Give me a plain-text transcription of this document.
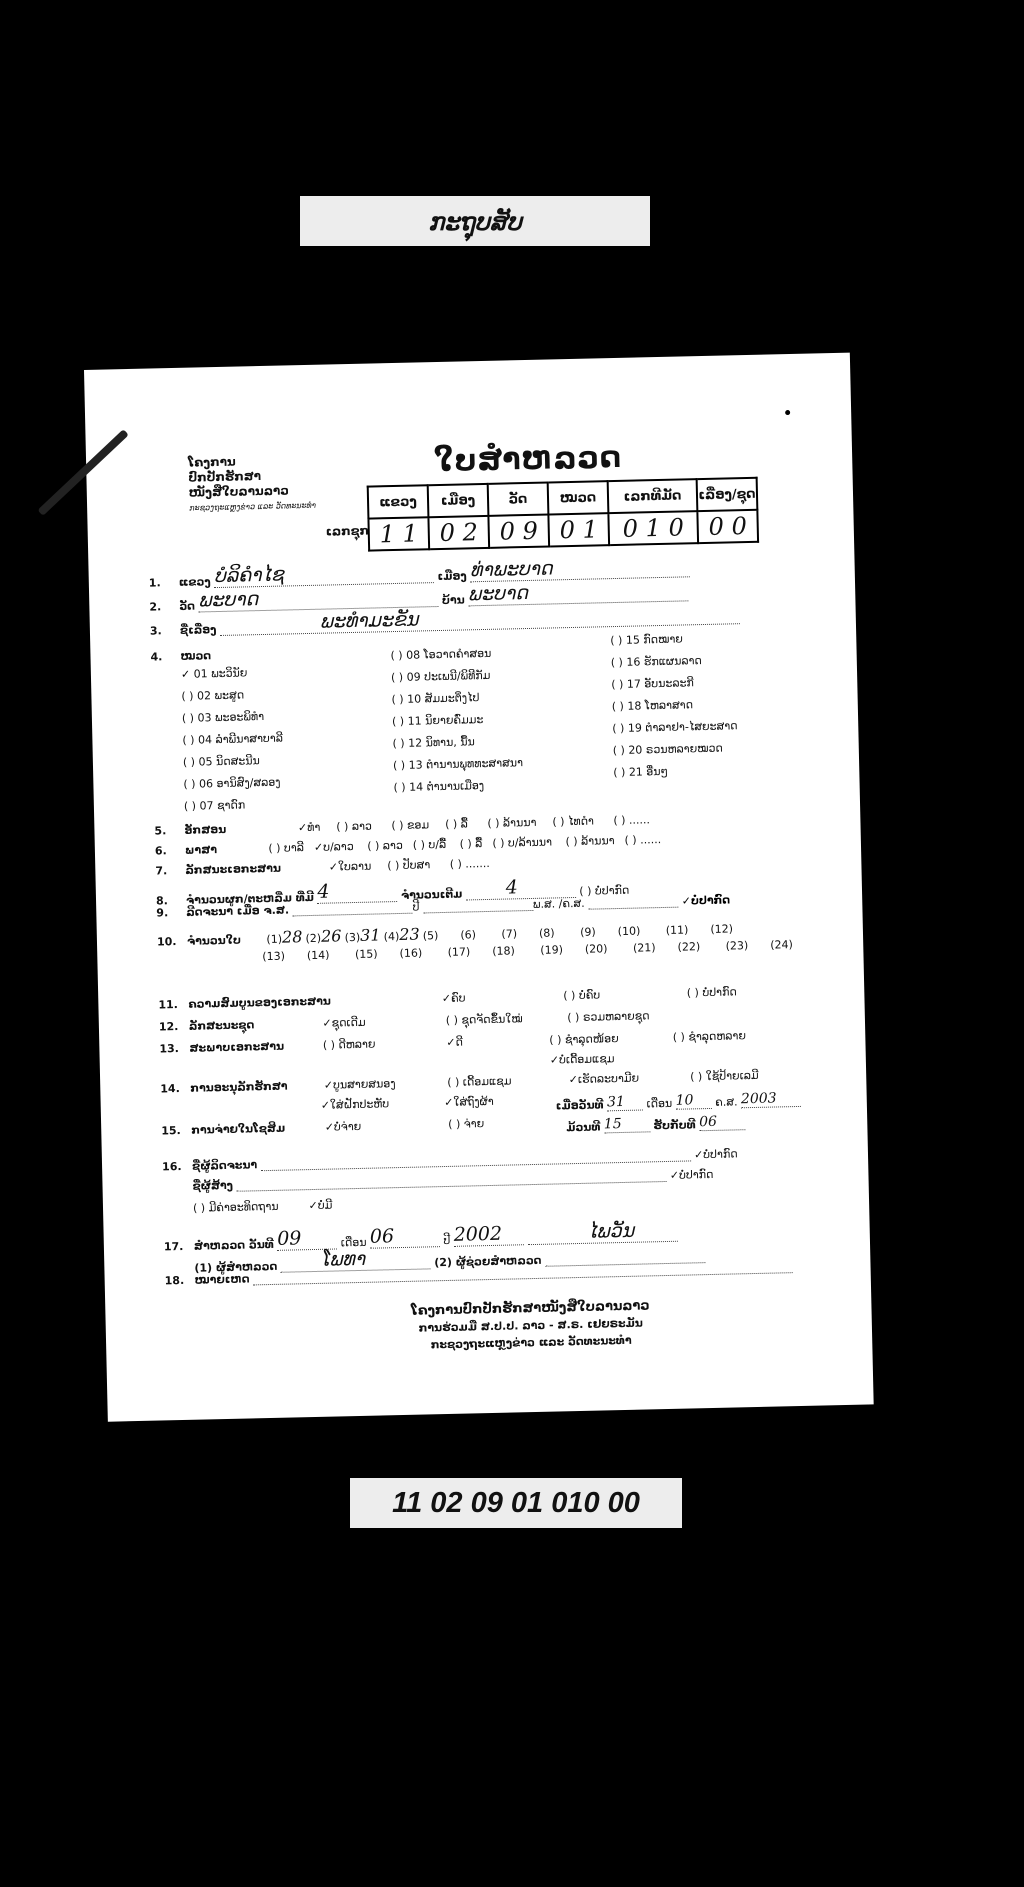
ກະຖຸບສັບ
ໂຄງການ
ປົກປັກຮັກສາ
ໜັງສືໃບລານລາວ
ກະຊວງຖະແຫຼງຂ່າວ ແລະ ວັດທະນະທຳ
ໃບສຳຫລວດ
ເລກຊຸກ
ແຂວງ	ເມືອງ	ວັດ	ໝວດ	ເລກທີມັດ	ເລື່ອງ/ຊຸດ
1 1	0 2	0 9	0 1	0 1 0	0 0
1. ແຂວງ ບໍລິຄຳໄຊ	ເມືອງ ທ່າພະບາດ
2. ວັດ ພະບາດ	ບ້ານ ພະບາດ
3. ຊື່ເລື່ອງ	ພະທຳມະຂັນ
4. ໝວດ
✓ 01 ພະວິນັຍ
( ) 02 ພະສູດ
( ) 03 ພະອະພິທຳ
( ) 04 ລຳພີນາສາບາລີ
( ) 05 ນິດສະນີນ
( ) 06 ອານິສົງ/ສລອງ
( ) 07 ຊາດົກ
( ) 08 ໂອວາດຄຳສອນ
( ) 09 ປະເພນີ/ພິທີກັມ
( ) 10 ສັມມະຕິ່ງໄປ
( ) 11 ນິຍາຍຄົ່ມມະ
( ) 12 ນິທານ, ນື້ນ
( ) 13 ຕຳນານພຸທທະສາສນາ
( ) 14 ຕຳນານເມືອງ
( ) 15 ກົດໝາຍ
( ) 16 ຮັກແຜນລາດ
( ) 17 ອັບນະລະກີ
( ) 18 ໂຫລາສາດ
( ) 19 ຕຳລາຢາ-ໄສຍະສາດ
( ) 20 ຣວນຫລາຍໝວດ
( ) 21 ອື່ນໆ
5. ອັກສອນ	✓ທຳ ( ) ລາວ ( ) ຂອມ ( ) ລື້ ( ) ລ້ານນາ ( ) ໄທດຳ ( ) ......
6. ພາສາ	( ) ບາລີ ✓ບ/ລາວ ( ) ລາວ ( ) ບ/ລື້ ( ) ລື້ ( ) ບ/ລ້ານນາ ( ) ລ້ານນາ ( ) ......
7. ລັກສນະເອກະສານ	✓ໃບລານ ( ) ປັບສາ ( ) .......
8. ຈຳນວນຜູກ/ຕະຫລີ່ມ ທີ່ມີ 4	ຈຳນວນເຕີມ 4	( ) ບໍ່ປາກົດ
9. ລີດຈະນາ ເມື່ອ ຈ.ສ.	ປີ	ພ.ສ. /ຄ.ສ.	✓ບໍ່ປາກົດ
10. ຈຳນວນໃບ (1)28 (2)26 (3)31 (4)23 (5) (6) (7) (8) (9) (10) (11) (12)
(13) (14) (15) (16) (17) (18) (19) (20) (21) (22) (23) (24)
11. ຄວາມສົມບູນຂອງເອກະສານ	✓ຄົບ	( ) ບໍ່ຄົບ	( ) ບໍ່ປາກົດ
12. ລັກສະນະຊຸດ	✓ຊຸດເດີມ	( ) ຊຸດຈັດຂຶ້ນໃໝ່	( ) ຣວມຫລາຍຊຸດ
( ) ຊໍາລຸດໜ້ອຍ	( ) ຊໍາລຸດຫລາຍ
13. ສະພາບເອກະສານ	( ) ດີຫລາຍ	✓ດີ
✓ບໍ່ເດີ້ອມແຊມ
14. ການອະນຸລັກຮັກສາ	✓ບູນສາຍສນອງ	( ) ເດີ້ອມແຊມ	✓ເຮັດລະບາມີຍ	( ) ໃຊ້ປ້າຍເລມີ
✓ໃສ່ຝັກປະຫັບ	✓ໃສ່ຖົງຜ້າ	ເມື່ອວັນທີ 31 ເດືອນ 10 ຄ.ສ. 2003
15. ການຈ່າຍໃນໂຊສິມ	✓ບໍ່ຈ່າຍ	( ) ຈ່າຍ	ມ້ວນທີ 15	ຮັບກັບທີ 06
16. ຊື່ຜູ້ລິດຈະນາ  ✓ບໍ່ປາກົດ
ຊື່ຜູ້ສ້າງ  ✓ບໍ່ປາກົດ
( ) ມີຄ່າອະທິດຖານ	✓ບໍ່ມີ
17. ສຳຫລວດ ວັນທີ 09	ເດືອນ 06	ປີ 2002	ໄພວັນ
(1) ຜູ້ສຳຫລວດ ໂພທາ	(2) ຜູ້ຊ່ວຍສຳຫລວດ
18. ໝາຍເຫດ
ໂຄງການປົກປັກຮັກສາໜັງສືໃບລານລາວ
ການຮ່ວມມື ສ.ປ.ປ. ລາວ - ສ.ຣ. ເຢຍຣະມັນ
ກະຊວງຖະແຫຼງຂ່າວ ແລະ ວັດທະນະທຳ
11 02 09 01 010 00
